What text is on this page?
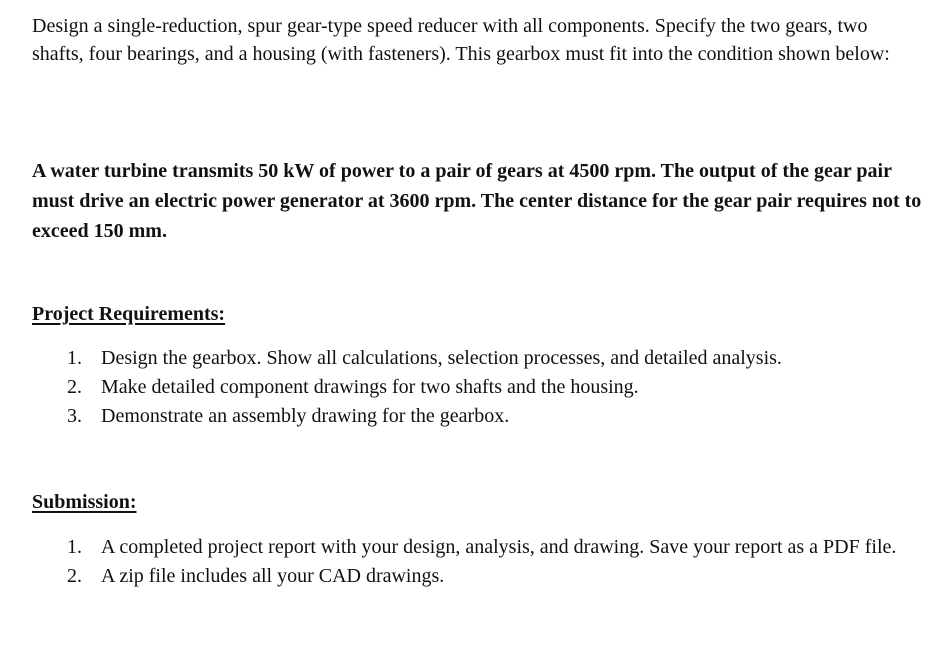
Design a single-reduction, spur gear-type speed reducer with all components. Specify the two gears, two shafts, four bearings, and a housing (with fasteners). This gearbox must fit into the condition shown below:

A water turbine transmits 50 kW of power to a pair of gears at 4500 rpm. The output of the gear pair must drive an electric power generator at 3600 rpm. The center distance for the gear pair requires not to exceed 150 mm.

Project Requirements:
1. Design the gearbox. Show all calculations, selection processes, and detailed analysis.
2. Make detailed component drawings for two shafts and the housing.
3. Demonstrate an assembly drawing for the gearbox.
Submission:
1. A completed project report with your design, analysis, and drawing. Save your report as a PDF file.
2. A zip file includes all your CAD drawings.
